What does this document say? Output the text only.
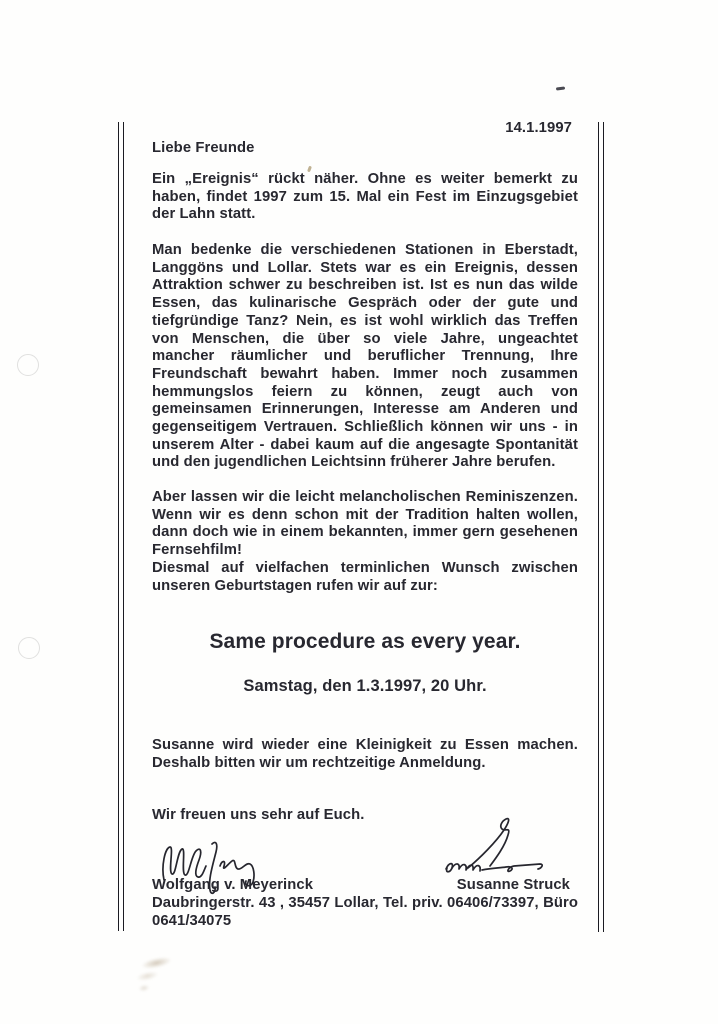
14.1.1997

Liebe Freunde

Ein „Ereignis“ rückt näher. Ohne es weiter bemerkt zu haben, findet 1997 zum 15. Mal ein Fest im Einzugsgebiet der Lahn statt.

Man bedenke die verschiedenen Stationen in Eberstadt, Langgöns und Lollar. Stets war es ein Ereignis, dessen Attraktion schwer zu beschreiben ist. Ist es nun das wilde Essen, das kulinarische Gespräch oder der gute und tiefgründige Tanz? Nein, es ist wohl wirklich das Treffen von Menschen, die über so viele Jahre, ungeachtet mancher räumlicher und beruflicher Trennung, Ihre Freundschaft bewahrt haben. Immer noch zusammen hemmungslos feiern zu können, zeugt auch von gemeinsamen Erinnerungen, Interesse am Anderen und gegenseitigem Vertrauen. Schließlich können wir uns - in unserem Alter - dabei kaum auf die angesagte Spontanität und den jugendlichen Leichtsinn früherer Jahre berufen.

Aber lassen wir die leicht melancholischen Reminiszenzen. Wenn wir es denn schon mit der Tradition halten wollen, dann doch wie in einem bekannten, immer gern gesehenen Fernsehfilm!

Diesmal auf vielfachen terminlichen Wunsch zwischen unseren Geburtstagen rufen wir auf zur:

Same procedure as every year.

Samstag, den 1.3.1997, 20 Uhr.

Susanne wird wieder eine Kleinigkeit zu Essen machen. Deshalb bitten wir um rechtzeitige Anmeldung.

Wir freuen uns sehr auf Euch.

Wolfgang v. Meyerinck	Susanne Struck

Daubringerstr. 43 , 35457 Lollar, Tel. priv. 06406/73397, Büro 0641/34075
